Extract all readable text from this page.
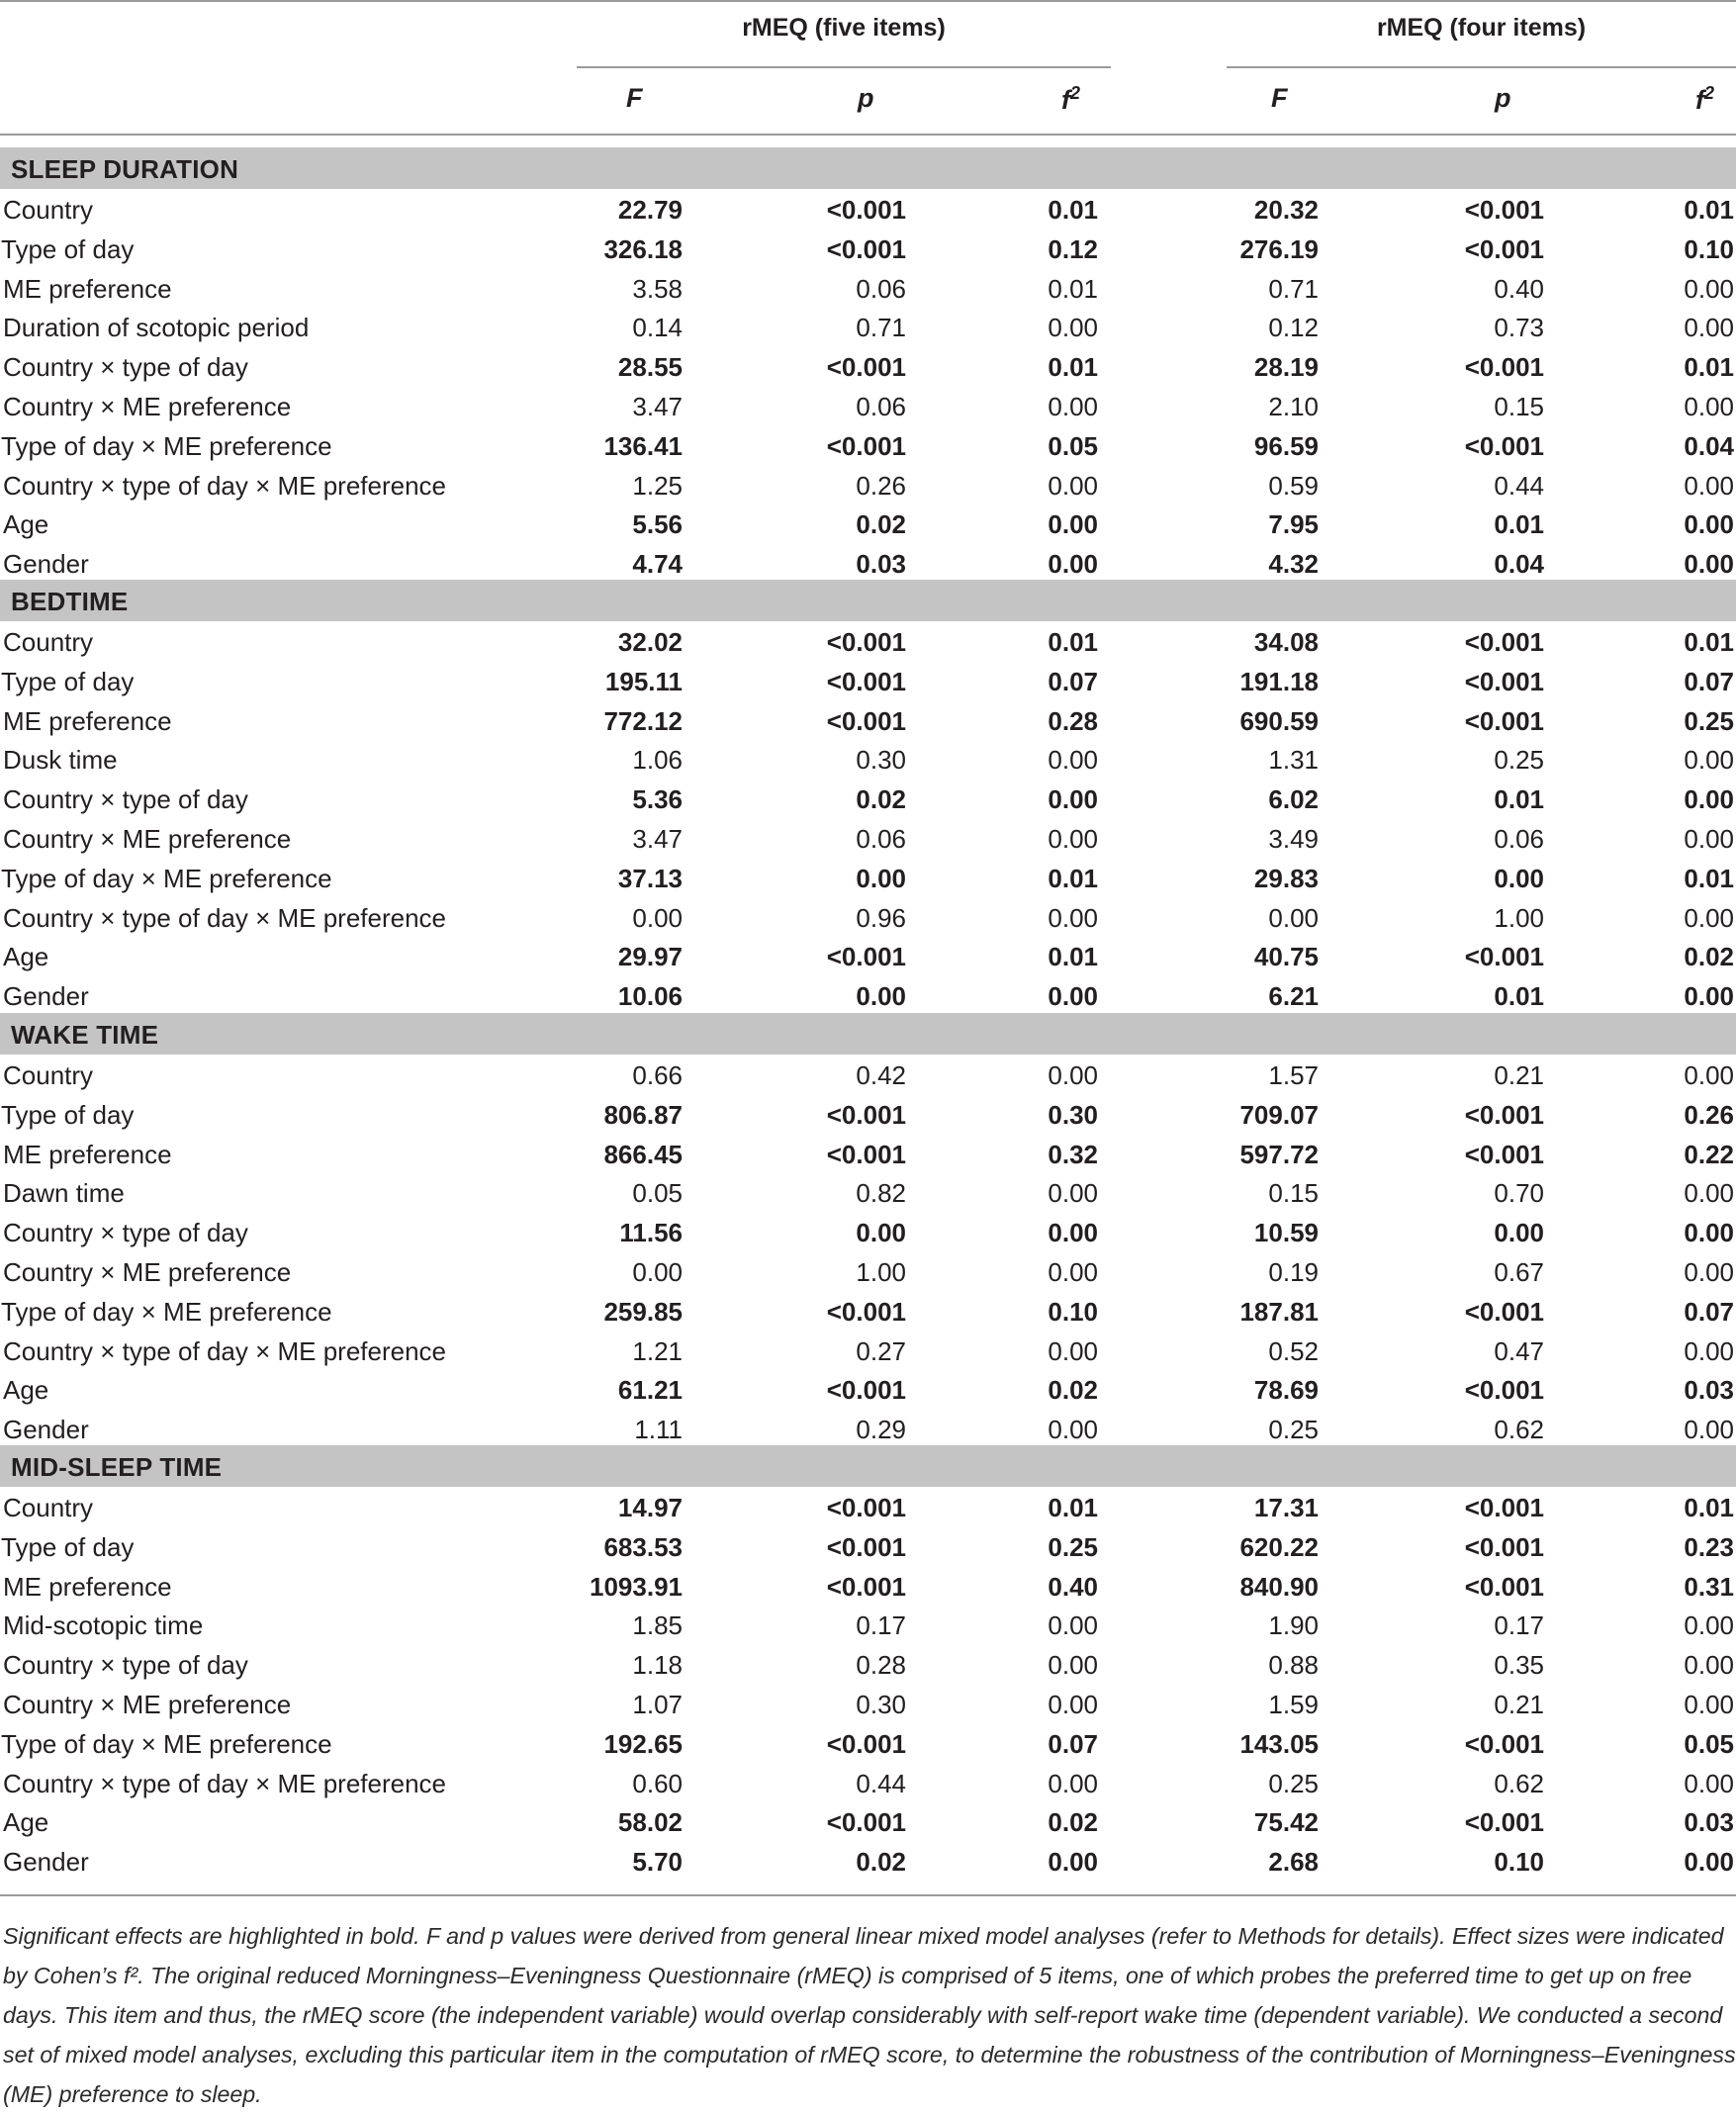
rMEQ (five items)	rMEQ (four items)
F	p	$f^2$	F	p	$f^2$
SLEEP DURATION
Country	22.79	<0.001	0.01	20.32	<0.001	0.01
Type of day	326.18	<0.001	0.12	276.19	<0.001	0.10
ME preference	3.58	0.06	0.01	0.71	0.40	0.00
Duration of scotopic period	0.14	0.71	0.00	0.12	0.73	0.00
Country × type of day	28.55	<0.001	0.01	28.19	<0.001	0.01
Country × ME preference	3.47	0.06	0.00	2.10	0.15	0.00
Type of day × ME preference	136.41	<0.001	0.05	96.59	<0.001	0.04
Country × type of day × ME preference	1.25	0.26	0.00	0.59	0.44	0.00
Age	5.56	0.02	0.00	7.95	0.01	0.00
Gender	4.74	0.03	0.00	4.32	0.04	0.00
BEDTIME
Country	32.02	<0.001	0.01	34.08	<0.001	0.01
Type of day	195.11	<0.001	0.07	191.18	<0.001	0.07
ME preference	772.12	<0.001	0.28	690.59	<0.001	0.25
Dusk time	1.06	0.30	0.00	1.31	0.25	0.00
Country × type of day	5.36	0.02	0.00	6.02	0.01	0.00
Country × ME preference	3.47	0.06	0.00	3.49	0.06	0.00
Type of day × ME preference	37.13	0.00	0.01	29.83	0.00	0.01
Country × type of day × ME preference	0.00	0.96	0.00	0.00	1.00	0.00
Age	29.97	<0.001	0.01	40.75	<0.001	0.02
Gender	10.06	0.00	0.00	6.21	0.01	0.00
WAKE TIME
Country	0.66	0.42	0.00	1.57	0.21	0.00
Type of day	806.87	<0.001	0.30	709.07	<0.001	0.26
ME preference	866.45	<0.001	0.32	597.72	<0.001	0.22
Dawn time	0.05	0.82	0.00	0.15	0.70	0.00
Country × type of day	11.56	0.00	0.00	10.59	0.00	0.00
Country × ME preference	0.00	1.00	0.00	0.19	0.67	0.00
Type of day × ME preference	259.85	<0.001	0.10	187.81	<0.001	0.07
Country × type of day × ME preference	1.21	0.27	0.00	0.52	0.47	0.00
Age	61.21	<0.001	0.02	78.69	<0.001	0.03
Gender	1.11	0.29	0.00	0.25	0.62	0.00
MID-SLEEP TIME
Country	14.97	<0.001	0.01	17.31	<0.001	0.01
Type of day	683.53	<0.001	0.25	620.22	<0.001	0.23
ME preference	1093.91	<0.001	0.40	840.90	<0.001	0.31
Mid-scotopic time	1.85	0.17	0.00	1.90	0.17	0.00
Country × type of day	1.18	0.28	0.00	0.88	0.35	0.00
Country × ME preference	1.07	0.30	0.00	1.59	0.21	0.00
Type of day × ME preference	192.65	<0.001	0.07	143.05	<0.001	0.05
Country × type of day × ME preference	0.60	0.44	0.00	0.25	0.62	0.00
Age	58.02	<0.001	0.02	75.42	<0.001	0.03
Gender	5.70	0.02	0.00	2.68	0.10	0.00
Significant effects are highlighted in bold. F and p values were derived from general linear mixed model analyses (refer to Methods for details). Effect sizes were indicated by Cohen’s f². The original reduced Morningness–Eveningness Questionnaire (rMEQ) is comprised of 5 items, one of which probes the preferred time to get up on free days. This item and thus, the rMEQ score (the independent variable) would overlap considerably with self-report wake time (dependent variable). We conducted a second set of mixed model analyses, excluding this particular item in the computation of rMEQ score, to determine the robustness of the contribution of Morningness–Eveningness (ME) preference to sleep.
